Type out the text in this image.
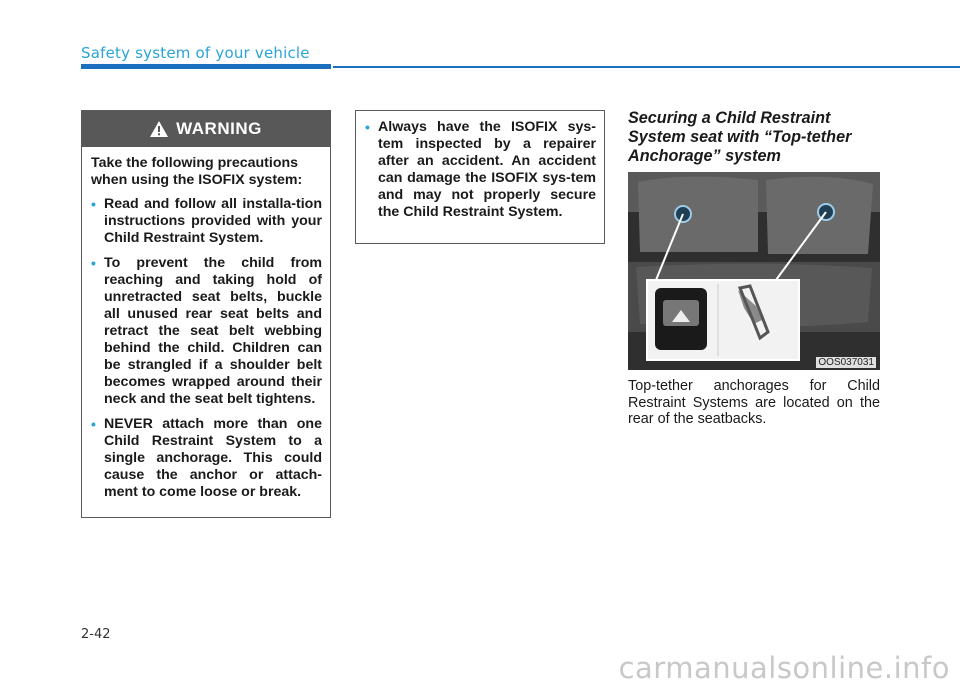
Safety system of your vehicle
WARNING

Take the following precautions when using the ISOFIX system:

• Read and follow all installa-tion instructions provided with your Child Restraint System.
• To prevent the child from reaching and taking hold of unretracted seat belts, buckle all unused rear seat belts and retract the seat belt webbing behind the child. Children can be strangled if a shoulder belt becomes wrapped around their neck and the seat belt tightens.
• NEVER attach more than one Child Restraint System to a single anchorage. This could cause the anchor or attach-ment to come loose or break.
• Always have the ISOFIX sys-tem inspected by a repairer after an accident. An accident can damage the ISOFIX sys-tem and may not properly secure the Child Restraint System.
Securing a Child Restraint System seat with “Top-tether Anchorage” system
OOS037031
Top-tether anchorages for Child Restraint Systems are located on the rear of the seatbacks.
2-42
carmanualsonline.info
